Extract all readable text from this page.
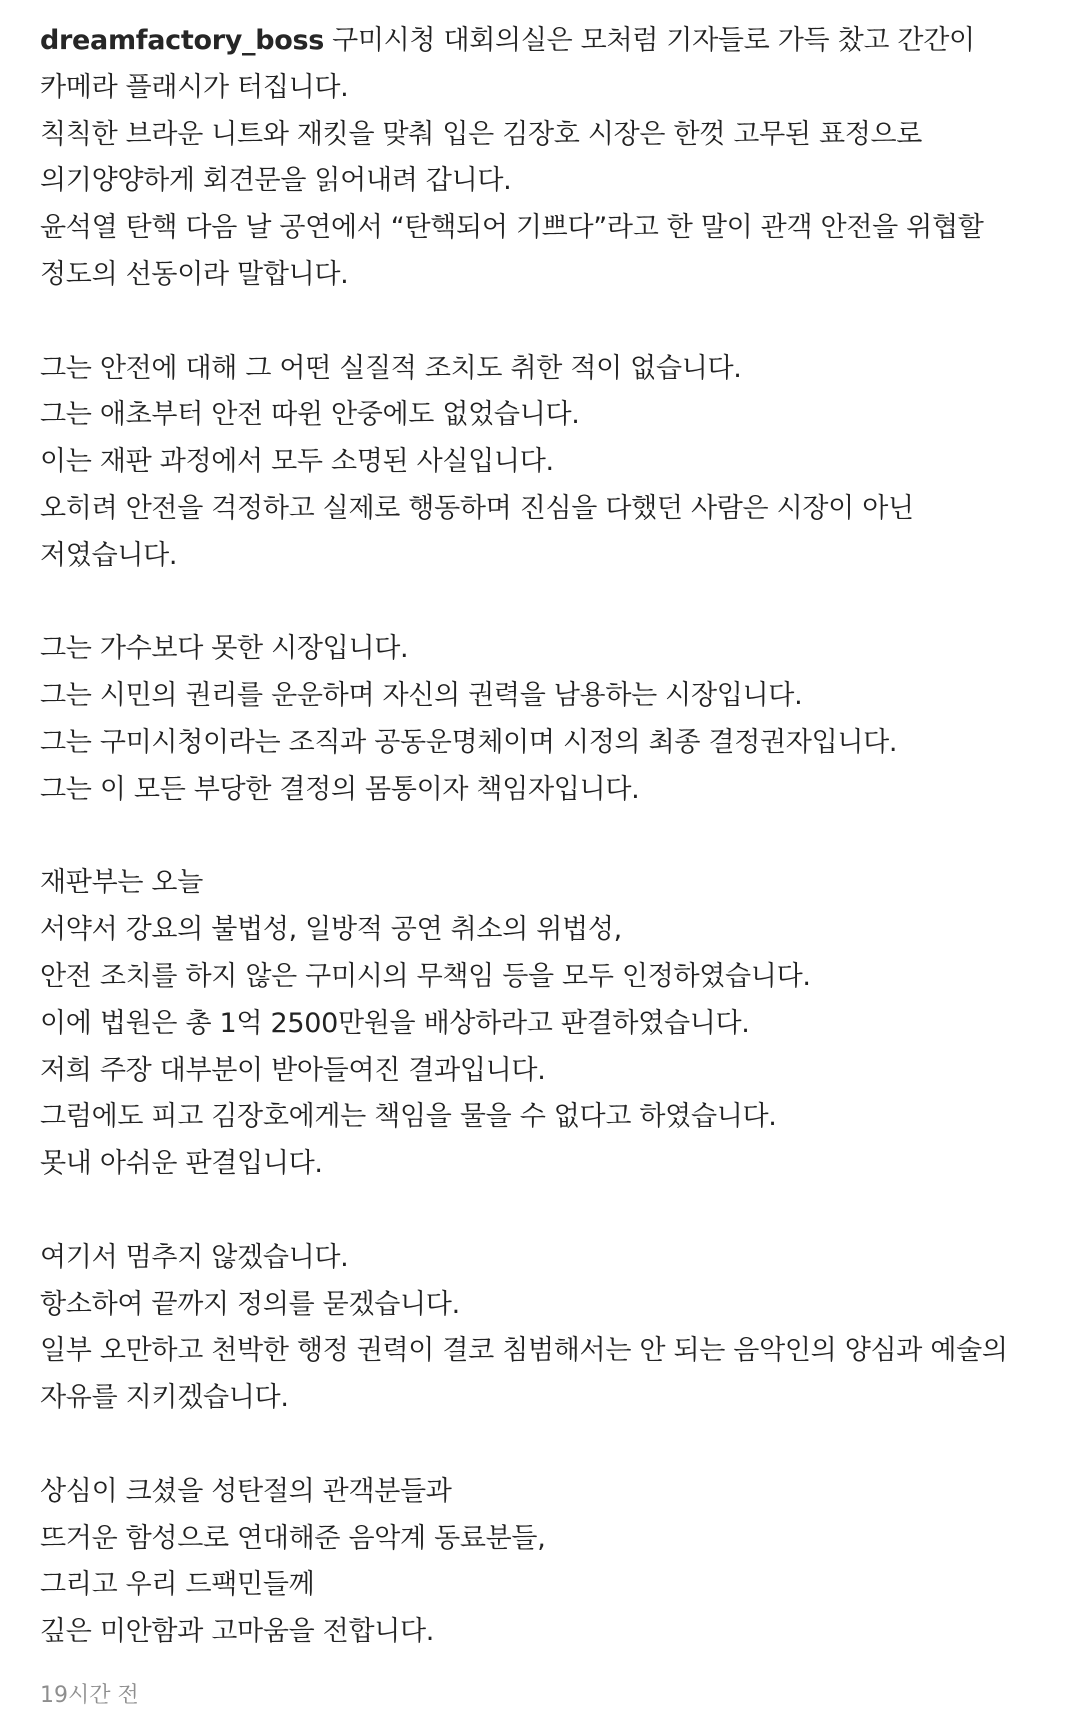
dreamfactory_boss 구미시청 대회의실은 모처럼 기자들로 가득 찼고 간간이
카메라 플래시가 터집니다.
칙칙한 브라운 니트와 재킷을 맞춰 입은 김장호 시장은 한껏 고무된 표정으로
의기양양하게 회견문을 읽어내려 갑니다.
윤석열 탄핵 다음 날 공연에서 “탄핵되어 기쁘다”라고 한 말이 관객 안전을 위협할
정도의 선동이라 말합니다.
그는 안전에 대해 그 어떤 실질적 조치도 취한 적이 없습니다.
그는 애초부터 안전 따윈 안중에도 없었습니다.
이는 재판 과정에서 모두 소명된 사실입니다.
오히려 안전을 걱정하고 실제로 행동하며 진심을 다했던 사람은 시장이 아닌
저였습니다.
그는 가수보다 못한 시장입니다.
그는 시민의 권리를 운운하며 자신의 권력을 남용하는 시장입니다.
그는 구미시청이라는 조직과 공동운명체이며 시정의 최종 결정권자입니다.
그는 이 모든 부당한 결정의 몸통이자 책임자입니다.
재판부는 오늘
서약서 강요의 불법성, 일방적 공연 취소의 위법성,
안전 조치를 하지 않은 구미시의 무책임 등을 모두 인정하였습니다.
이에 법원은 총 1억 2500만원을 배상하라고 판결하였습니다.
저희 주장 대부분이 받아들여진 결과입니다.
그럼에도 피고 김장호에게는 책임을 물을 수 없다고 하였습니다.
못내 아쉬운 판결입니다.
여기서 멈추지 않겠습니다.
항소하여 끝까지 정의를 묻겠습니다.
일부 오만하고 천박한 행정 권력이 결코 침범해서는 안 되는 음악인의 양심과 예술의
자유를 지키겠습니다.
상심이 크셨을 성탄절의 관객분들과
뜨거운 함성으로 연대해준 음악계 동료분들,
그리고 우리 드팩민들께
깊은 미안함과 고마움을 전합니다.
19시간 전
